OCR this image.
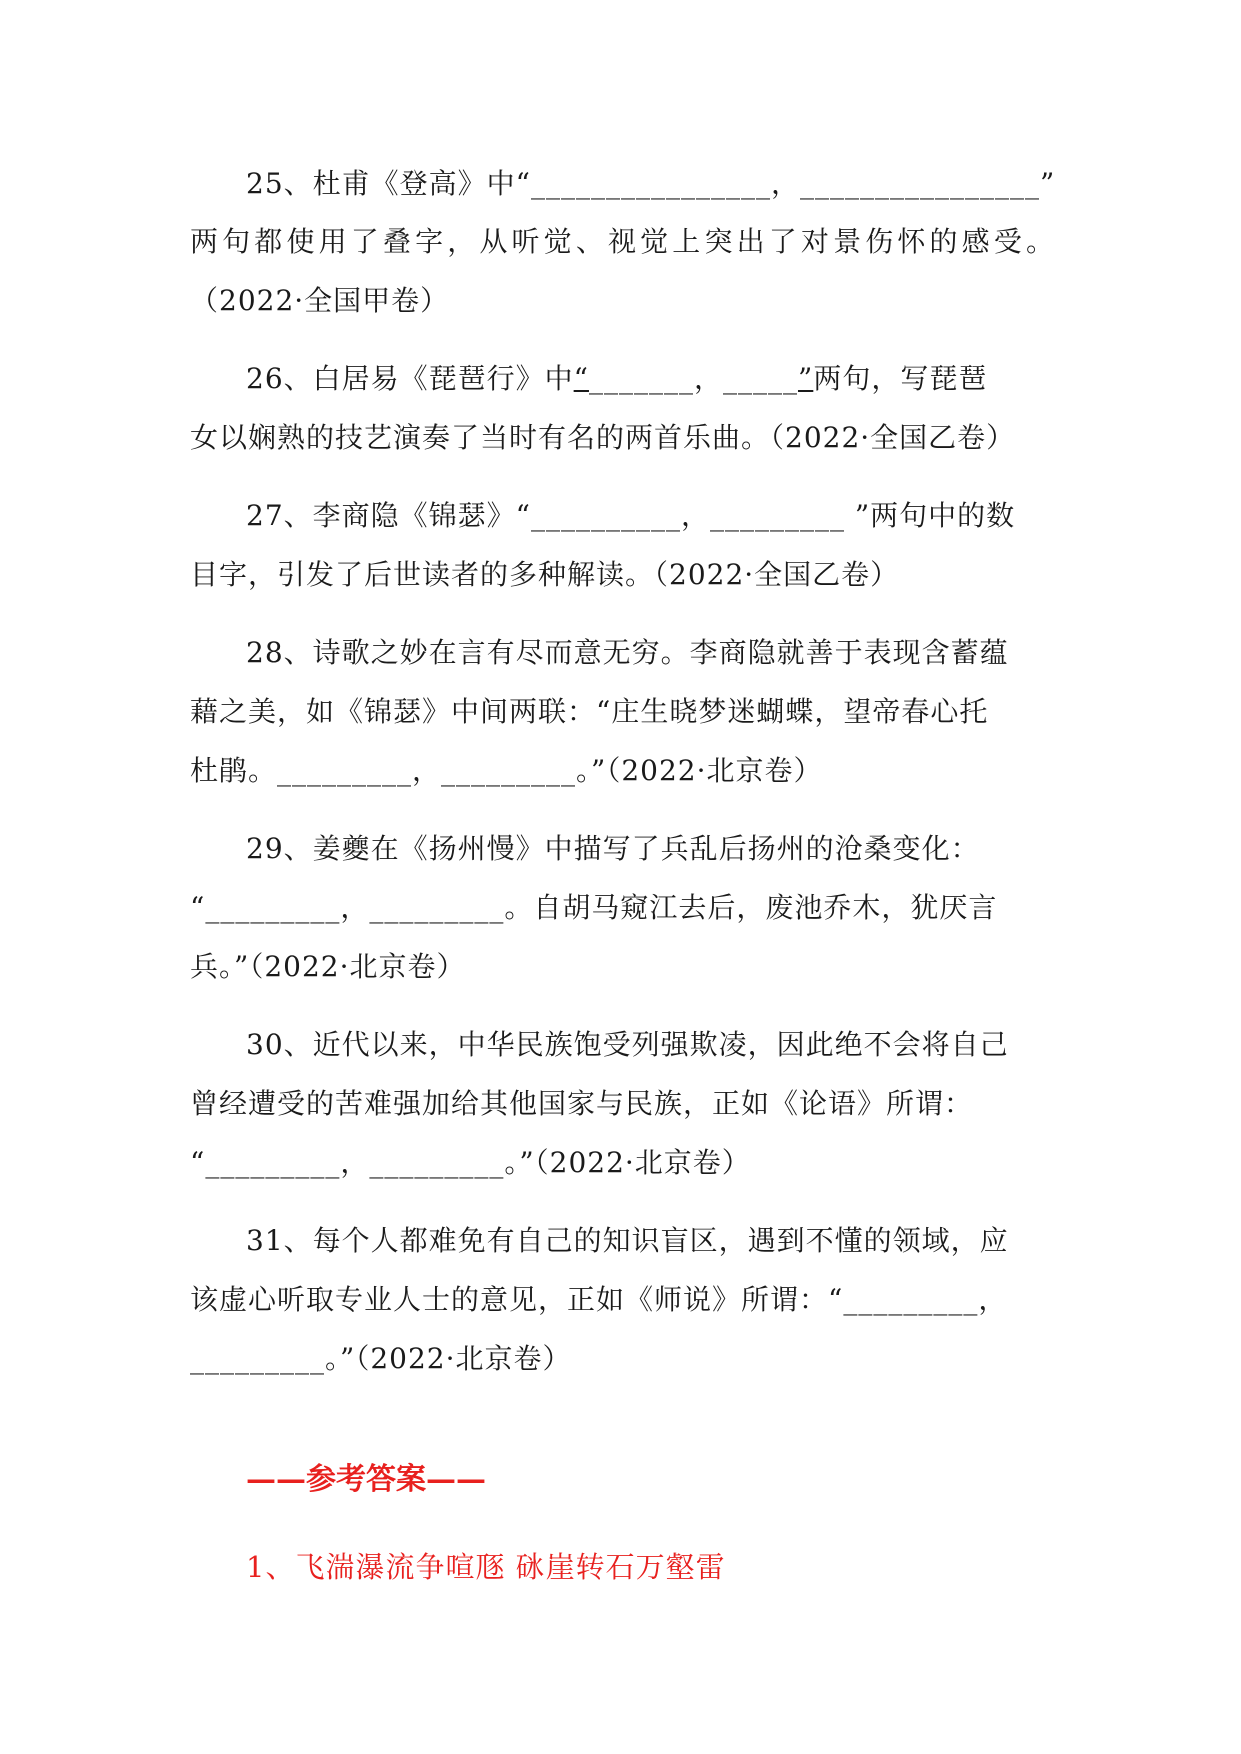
25、杜甫《登高》中“________________，________________”
两句都使用了叠字，从听觉、视觉上突出了对景伤怀的感受。
（2022·全国甲卷）
26、白居易《琵琶行》中“_______，_____”两句，写琵琶
女以娴熟的技艺演奏了当时有名的两首乐曲。（2022·全国乙卷）
27、李商隐《锦瑟》“__________，_________ ”两句中的数
目字，引发了后世读者的多种解读。（2022·全国乙卷）
28、诗歌之妙在言有尽而意无穷。李商隐就善于表现含蓄蕴
藉之美，如《锦瑟》中间两联：“庄生晓梦迷蝴蝶，望帝春心托
杜鹃。_________，_________。”（2022·北京卷）
29、姜夔在《扬州慢》中描写了兵乱后扬州的沧桑变化：
“_________，_________。自胡马窥江去后，废池乔木，犹厌言
兵。”（2022·北京卷）
30、近代以来，中华民族饱受列强欺凌，因此绝不会将自己
曾经遭受的苦难强加给其他国家与民族，正如《论语》所谓：
“_________，_________。”（2022·北京卷）
31、每个人都难免有自己的知识盲区，遇到不懂的领域，应
该虚心听取专业人士的意见，正如《师说》所谓：“_________，
_________。”（2022·北京卷）
——参考答案——
1、飞湍瀑流争喧豗 砯崖转石万壑雷
